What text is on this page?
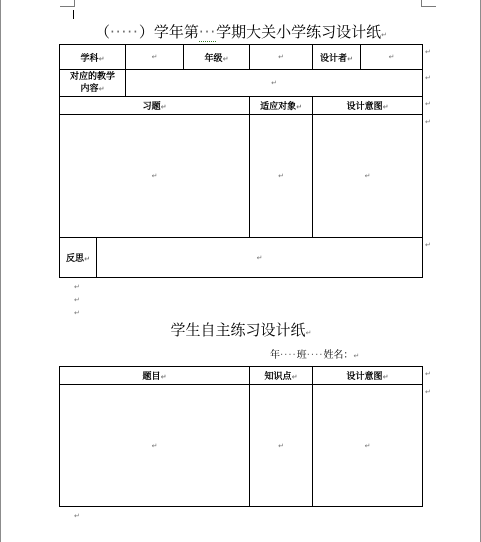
（·····）学年第···学期大关小学练习设计纸↵
学科↵	↵	年级↵	↵	设计者↵	↵

对应的教学
内容↵	↵				
习题↵		适应对象↵	设计意图↵
↵		↵	↵
反思↵	↵		
↵
↵
↵
↵
↵
↵
↵
↵
学生自主练习设计纸↵
年····班····姓名：↵
题目↵	知识点↵	设计意图↵
↵	↵	↵
↵
↵
↵
